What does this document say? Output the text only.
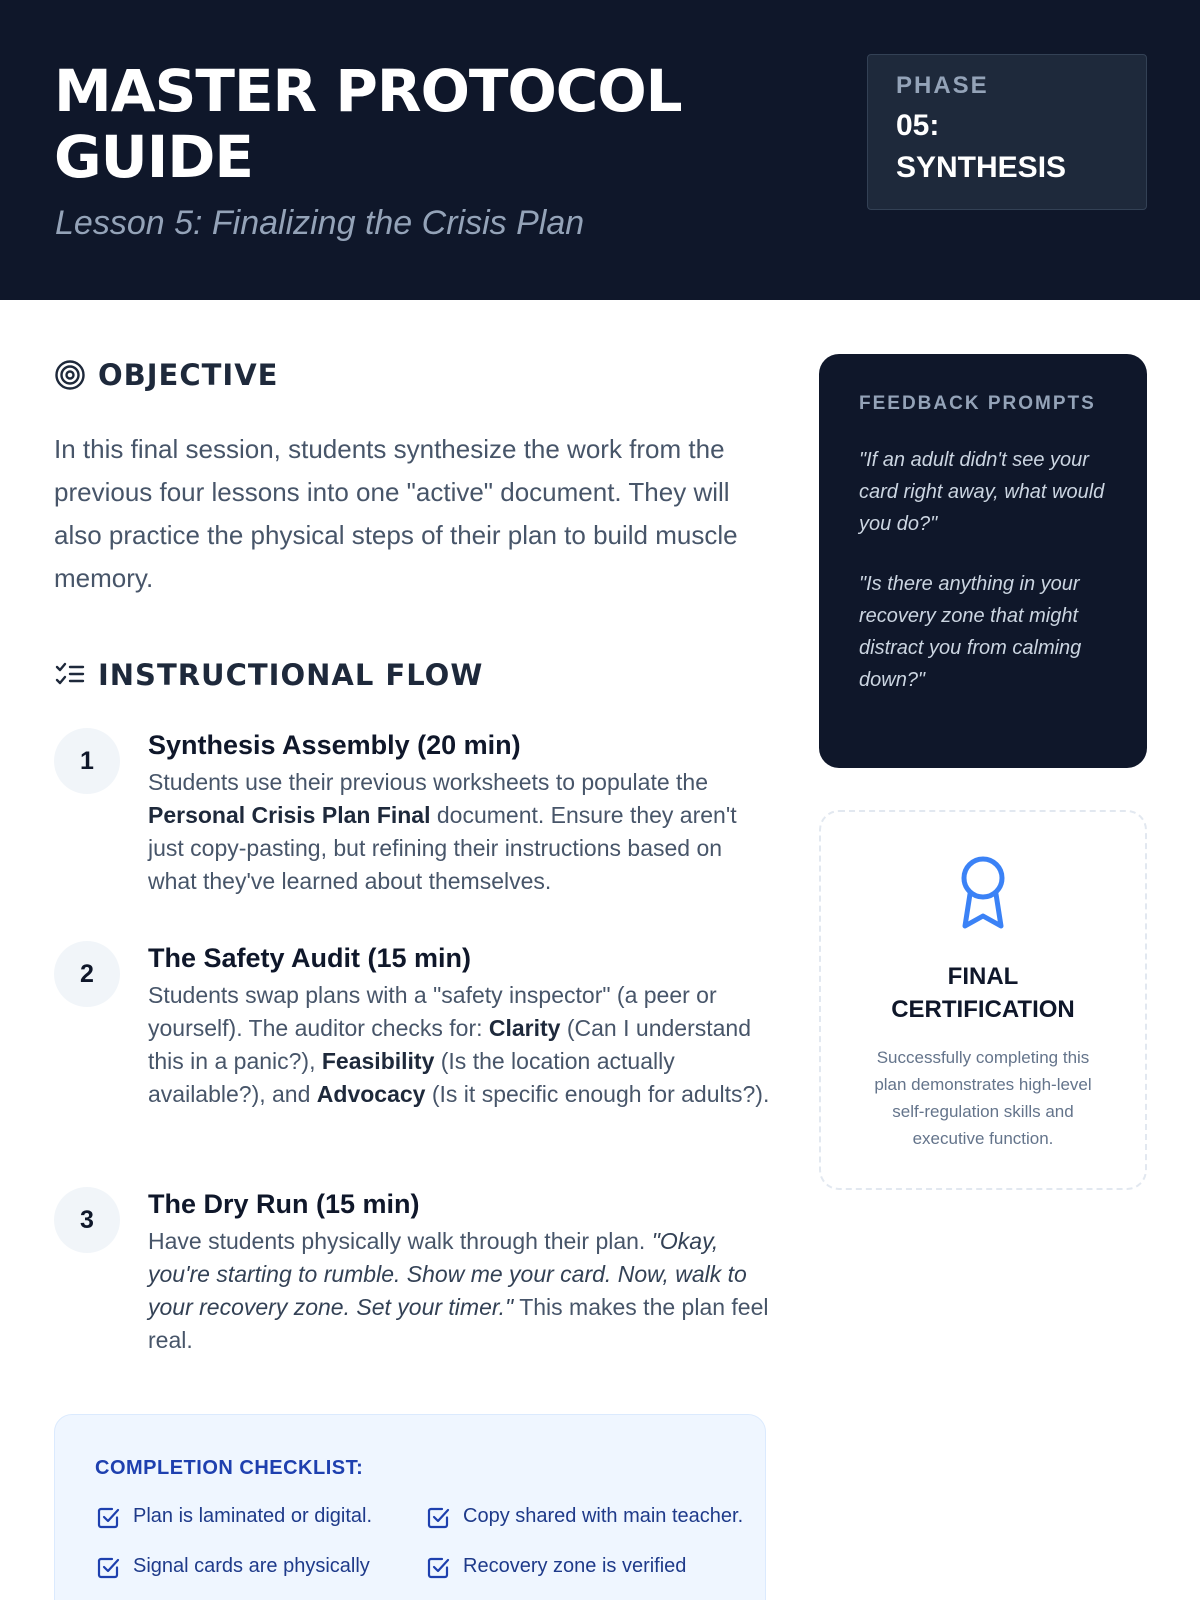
MASTER PROTOCOL
GUIDE
Lesson 5: Finalizing the Crisis Plan
PHASE
05:
SYNTHESIS
OBJECTIVE

In this final session, students synthesize the work from the previous four lessons into one "active" document. They will also practice the physical steps of their plan to build muscle memory.

INSTRUCTIONAL FLOW
1
Synthesis Assembly (20 min)

Students use their previous worksheets to populate the Personal Crisis Plan Final document. Ensure they aren't just copy-pasting, but refining their instructions based on what they've learned about themselves.

2
The Safety Audit (15 min)

Students swap plans with a "safety inspector" (a peer or yourself). The auditor checks for: Clarity (Can I understand this in a panic?), Feasibility (Is the location actually available?), and Advocacy (Is it specific enough for adults?).

3
The Dry Run (15 min)

Have students physically walk through their plan. "Okay, you're starting to rumble. Show me your card. Now, walk to your recovery zone. Set your timer." This makes the plan feel real.

COMPLETION CHECKLIST:
Plan is laminated or digital.	Copy shared with main teacher.
Signal cards are physically	Recovery zone is verified
FEEDBACK PROMPTS

"If an adult didn't see your card right away, what would you do?"

"Is there anything in your recovery zone that might distract you from calming down?"

FINAL
CERTIFICATION

Successfully completing this plan demonstrates high-level self-regulation skills and executive function.
